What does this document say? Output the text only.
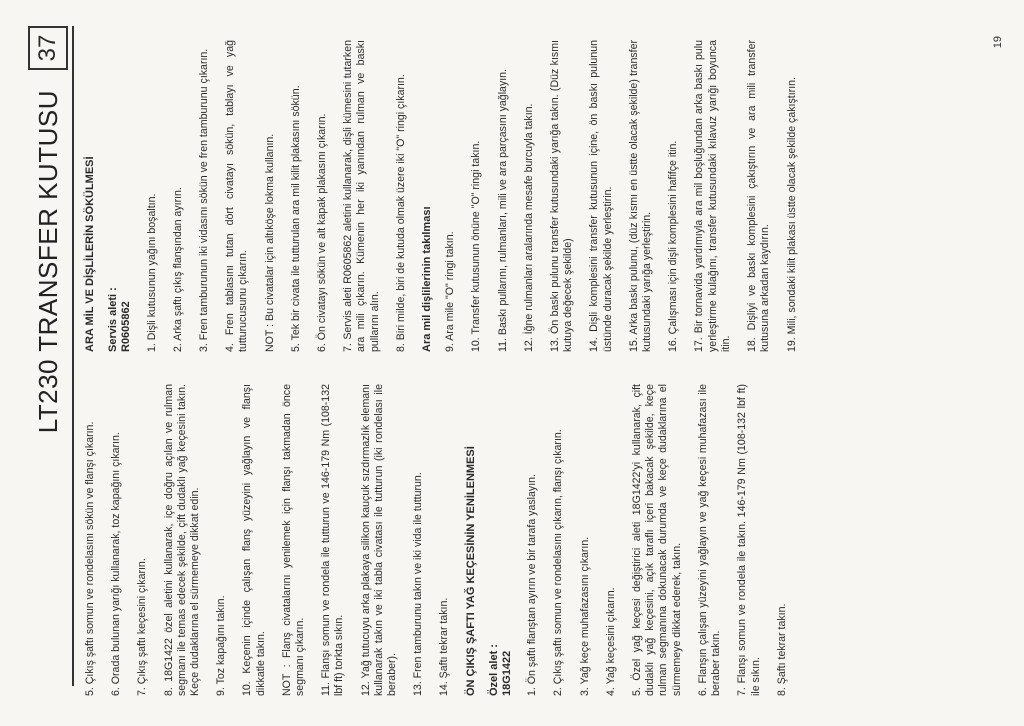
LT230 TRANSFER KUTUSU
37

5. Çıkış şaftı somun ve rondelasını sökün ve flanşı çıkarın. 6. Orada bulunan yarığı kullanarak, toz kapağını çıkarın. 7. Çıkış şaftı keçesini çıkarın. 8. 18G1422 özel aletini kullanarak, içe doğru açılan ve rulman segmanı ile temas edecek şekilde, çift dudaklı yağ keçesini takın. Keçe dudaklarına el sürmemeye dikkat edin. 9. Toz kapağını takın. 10. Keçenin içinde çalışan flanş yüzeyini yağlayın ve flanşı dikkatle takın. NOT : Flanş civatalarını yenilemek için flanşı takmadan önce segmanı çıkarın. 11. Flanşı somun ve rondela ile tutturun ve 146-179 Nm (108-132 lbf ft) torkta sıkın. 12. Yağ tutucuyu arka plakaya silikon kauçuk sızdırmazlık elemanı kullanarak takın ve iki tabla civatası ile tutturun (iki rondelası ile beraber). 13. Fren tamburunu takın ve iki vida ile tutturun. 14. Şaftı tekrar takın. ÖN ÇIKIŞ ŞAFTI YAĞ KEÇESİNİN YENİLENMESİ Özel alet : 18G1422 1. Ön şaftı flanştan ayırın ve bir tarafa yaslayın. 2. Çıkış şaftı somun ve rondelasını çıkarın, flanşı çıkarın. 3. Yağ keçe muhafazasını çıkarın. 4. Yağ keçesini çıkarın. 5. Özel yağ keçesi değiştirici aleti 18G1422'yi kullanarak, çift dudaklı yağ keçesini, açık taraflı içeri bakacak şekilde, keçe rulman segmanına dokunacak durumda ve keçe dudaklarına el sürmemeye dikkat ederek, takın. 6. Flanşın çalışan yüzeyini yağlayın ve yağ keçesi muhafazası ile beraber takın. 7. Flanşı somun ve rondela ile takın. 146-179 Nm (108-132 lbf ft) ile sıkın. 8. Şaftı tekrar takın.

ARA MİL VE DİŞLİLERİN SÖKÜLMESİ Servis aleti : R0605862 1. Dişli kutusunun yağını boşaltın. 2. Arka şaftı çıkış flanşından ayırın. 3. Fren tamburunun iki vidasını sökün ve fren tamburunu çıkarın. 4. Fren tablasını tutan dört civatayı sökün, tablayı ve yağ tutturucusunu çıkarın. NOT : Bu civatalar için altıköşe lokma kullanın. 5. Tek bir civata ile tutturulan ara mil kilit plakasını sökün. 6. Ön civatayı sökün ve alt kapak plakasını çıkarın. 7. Servis aleti R0605862 aletini kullanarak, dişli kümesini tutarken ara mili çıkarın. Kümenin her iki yanından rulman ve baskı pullarını alın. 8. Biri milde, biri de kutuda olmak üzere iki "O" ringi çıkarın. Ara mil dişlilerinin takılması 9. Ara mile "O" ringi takın. 10. Transfer kutusunun önüne "O" ringi takın. 11. Baskı pullarını, rulmanları, mili ve ara parçasını yağlayın. 12. İğne rulmanları aralarında mesafe burcuyla takın. 13. Ön baskı pulunu transfer kutusundaki yarığa takın. (Düz kısmı kutuya değecek şekilde) 14. Dişli komplesini transfer kutusunun içine, ön baskı pulunun üstünde duracak şekilde yerleştirin. 15. Arka baskı pulunu, (düz kısmı en üstte olacak şekilde) transfer kutusundaki yarığa yerleştirin. 16. Çalışması için dişli komplesini hafifçe itin. 17. Bir tornavida yardımıyla ara mil boşluğundan arka baskı pulu yerleştirme kulağını, transfer kutusundaki kılavuz yarığı boyunca itin. 18. Dişliyi ve baskı komplesini çakıştırın ve ara mili transfer kutusuna arkadan kaydırın. 19. Mili, sondaki kilit plakası üstte olacak şekilde çakıştırın.

19
